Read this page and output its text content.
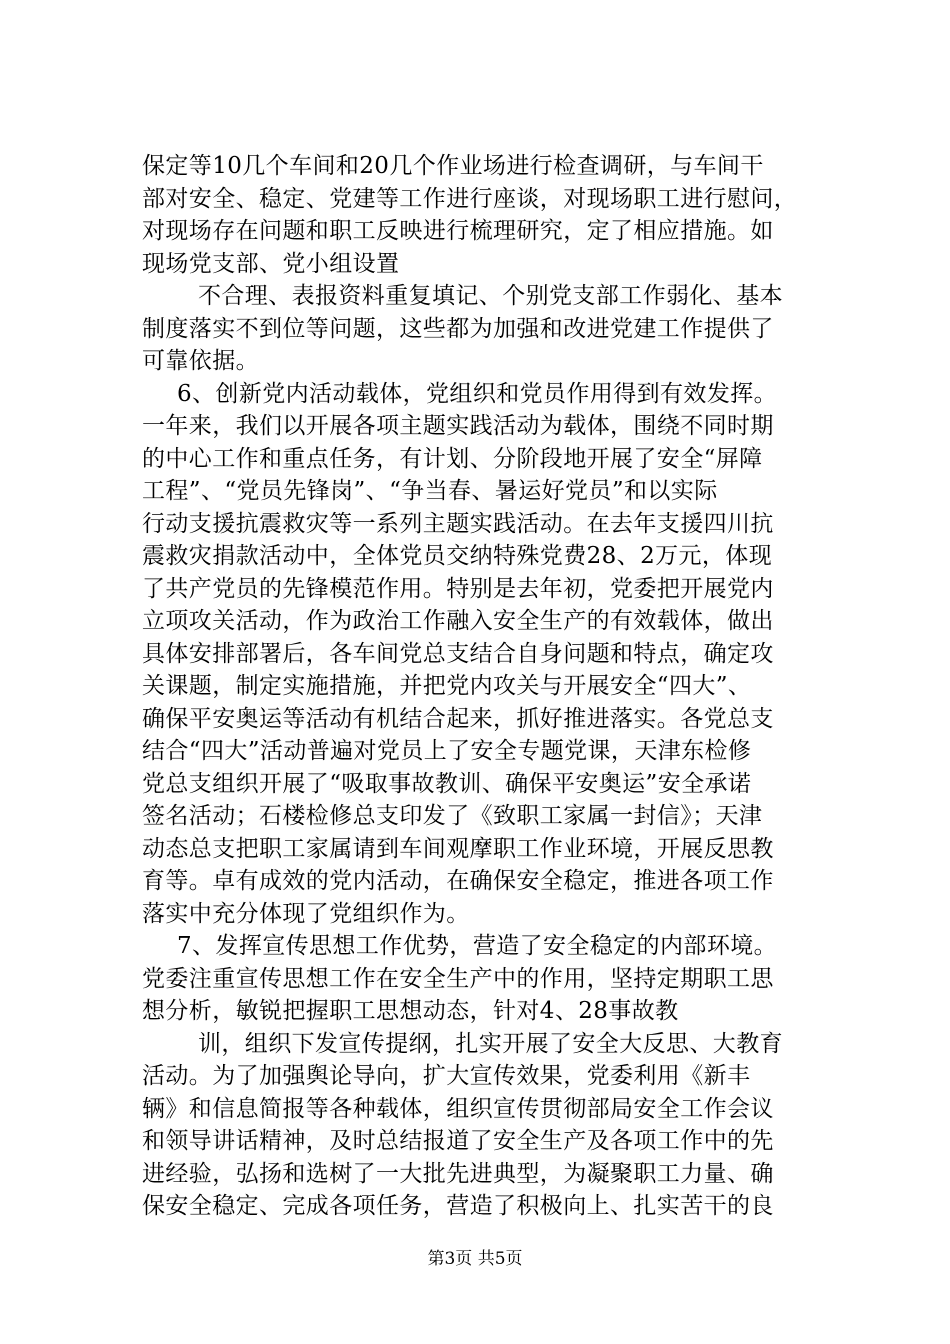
保定等10几个车间和20几个作业场进行检查调研，与车间干
部对安全、稳定、党建等工作进行座谈，对现场职工进行慰问，
对现场存在问题和职工反映进行梳理研究，定了相应措施。如
现场党支部、党小组设置
不合理、表报资料重复填记、个别党支部工作弱化、基本
制度落实不到位等问题，这些都为加强和改进党建工作提供了
可靠依据。
6、创新党内活动载体，党组织和党员作用得到有效发挥。
一年来，我们以开展各项主题实践活动为载体，围绕不同时期
的中心工作和重点任务，有计划、分阶段地开展了安全“屏障
工程”、“党员先锋岗”、“争当春、暑运好党员”和以实际
行动支援抗震救灾等一系列主题实践活动。在去年支援四川抗
震救灾捐款活动中，全体党员交纳特殊党费28、2万元，体现
了共产党员的先锋模范作用。特别是去年初，党委把开展党内
立项攻关活动，作为政治工作融入安全生产的有效载体，做出
具体安排部署后，各车间党总支结合自身问题和特点，确定攻
关课题，制定实施措施，并把党内攻关与开展安全“四大”、
确保平安奥运等活动有机结合起来，抓好推进落实。各党总支
结合“四大”活动普遍对党员上了安全专题党课，天津东检修
党总支组织开展了“吸取事故教训、确保平安奥运”安全承诺
签名活动；石楼检修总支印发了《致职工家属一封信》；天津
动态总支把职工家属请到车间观摩职工作业环境，开展反思教
育等。卓有成效的党内活动，在确保安全稳定，推进各项工作
落实中充分体现了党组织作为。
7、发挥宣传思想工作优势，营造了安全稳定的内部环境。
党委注重宣传思想工作在安全生产中的作用，坚持定期职工思
想分析，敏锐把握职工思想动态，针对4、28事故教
训，组织下发宣传提纲，扎实开展了安全大反思、大教育
活动。为了加强舆论导向，扩大宣传效果，党委利用《新丰
辆》和信息简报等各种载体，组织宣传贯彻部局安全工作会议
和领导讲话精神，及时总结报道了安全生产及各项工作中的先
进经验，弘扬和选树了一大批先进典型，为凝聚职工力量、确
保安全稳定、完成各项任务，营造了积极向上、扎实苦干的良
第3页 共5页
